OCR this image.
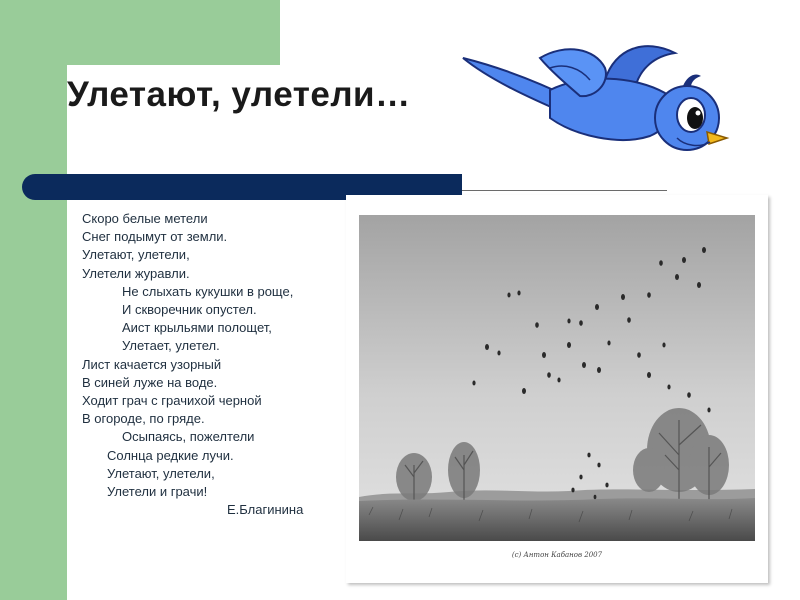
Улетают, улетели…
Скоро белые метели
Снег подымут от земли.
Улетают, улетели,
Улетели журавли.
Не слыхать кукушки в роще,
И скворечник опустел.
Аист крыльями полощет,
Улетает, улетел.
Лист качается узорный
В синей луже на воде.
Ходит грач с грачихой черной
В огороде, по гряде.
Осыпаясь, пожелтели
Солнца редкие лучи.
Улетают, улетели,
Улетели и грачи!
Е.Благинина
(c) Антон Кабанов 2007
